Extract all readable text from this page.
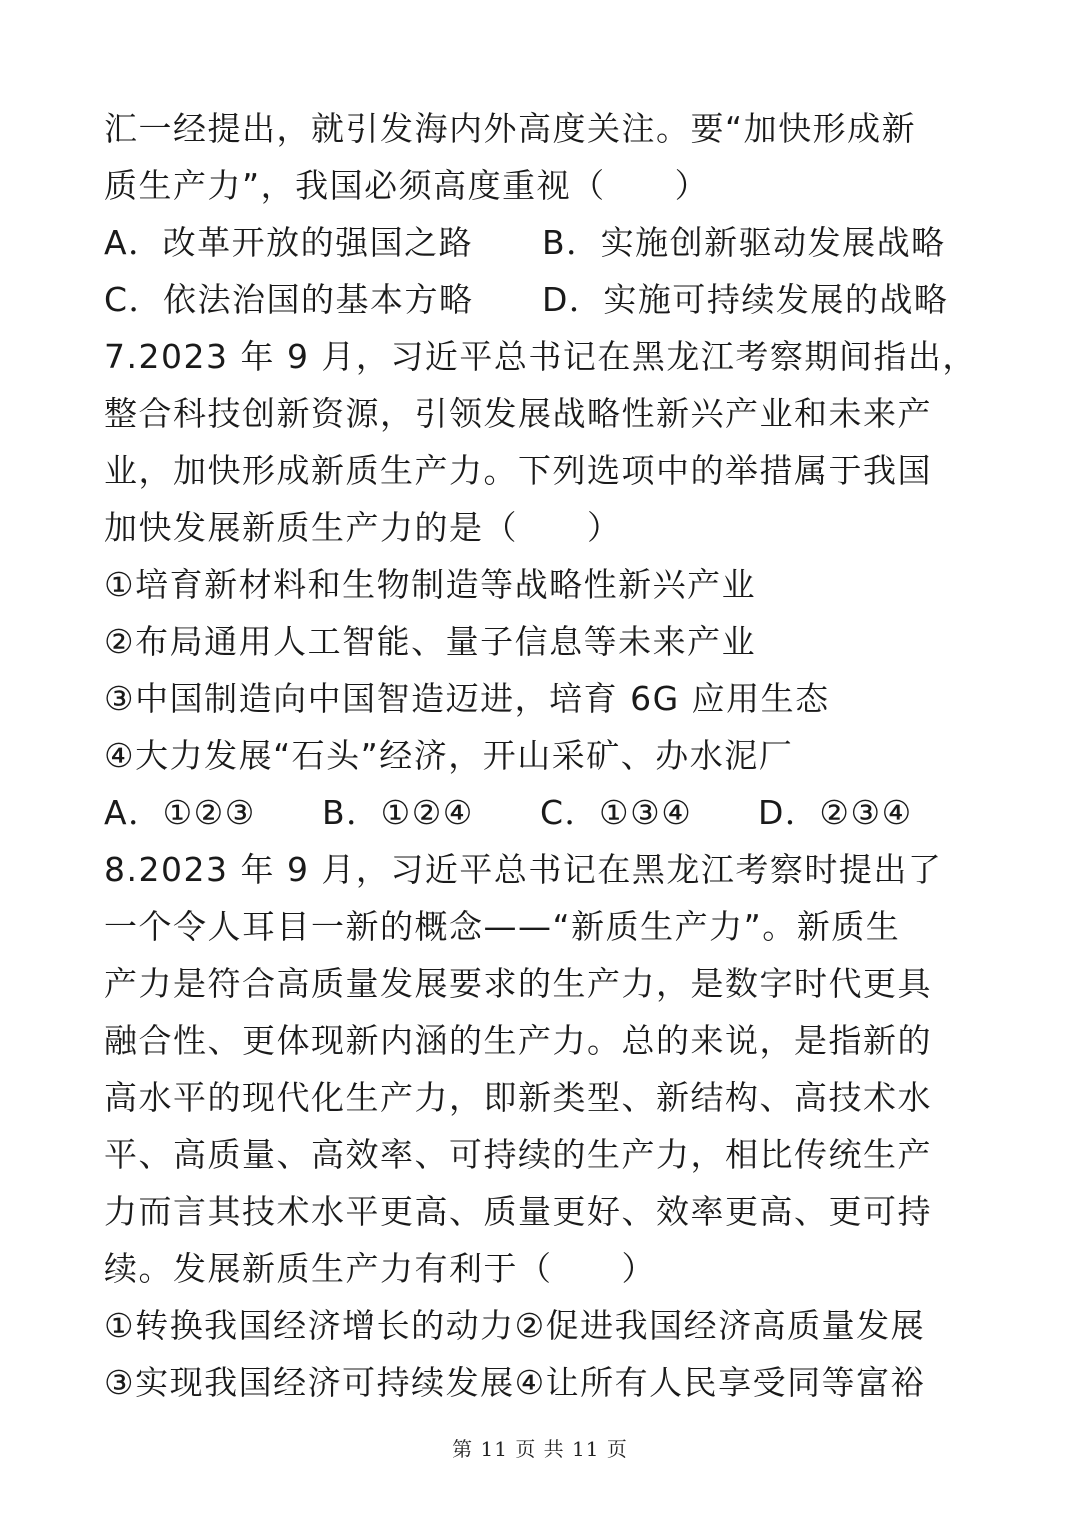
汇一经提出，就引发海内外高度关注。要“加快形成新
质生产力”，我国必须高度重视（　　）
A．改革开放的强国之路	B．实施创新驱动发展战略
C．依法治国的基本方略	D．实施可持续发展的战略
7.2023 年 9 月，习近平总书记在黑龙江考察期间指出，
整合科技创新资源，引领发展战略性新兴产业和未来产
业，加快形成新质生产力。下列选项中的举措属于我国
加快发展新质生产力的是（　　）
①培育新材料和生物制造等战略性新兴产业
②布局通用人工智能、量子信息等未来产业
③中国制造向中国智造迈进，培育 6G 应用生态
④大力发展“石头”经济，开山采矿、办水泥厂
A．①②③	B．①②④	C．①③④	D．②③④
8.2023 年 9 月，习近平总书记在黑龙江考察时提出了
一个令人耳目一新的概念——“新质生产力”。新质生
产力是符合高质量发展要求的生产力，是数字时代更具
融合性、更体现新内涵的生产力。总的来说，是指新的
高水平的现代化生产力，即新类型、新结构、高技术水
平、高质量、高效率、可持续的生产力，相比传统生产
力而言其技术水平更高、质量更好、效率更高、更可持
续。发展新质生产力有利于（　　）
①转换我国经济增长的动力②促进我国经济高质量发展
③实现我国经济可持续发展④让所有人民享受同等富裕
第 11 页 共 11 页
